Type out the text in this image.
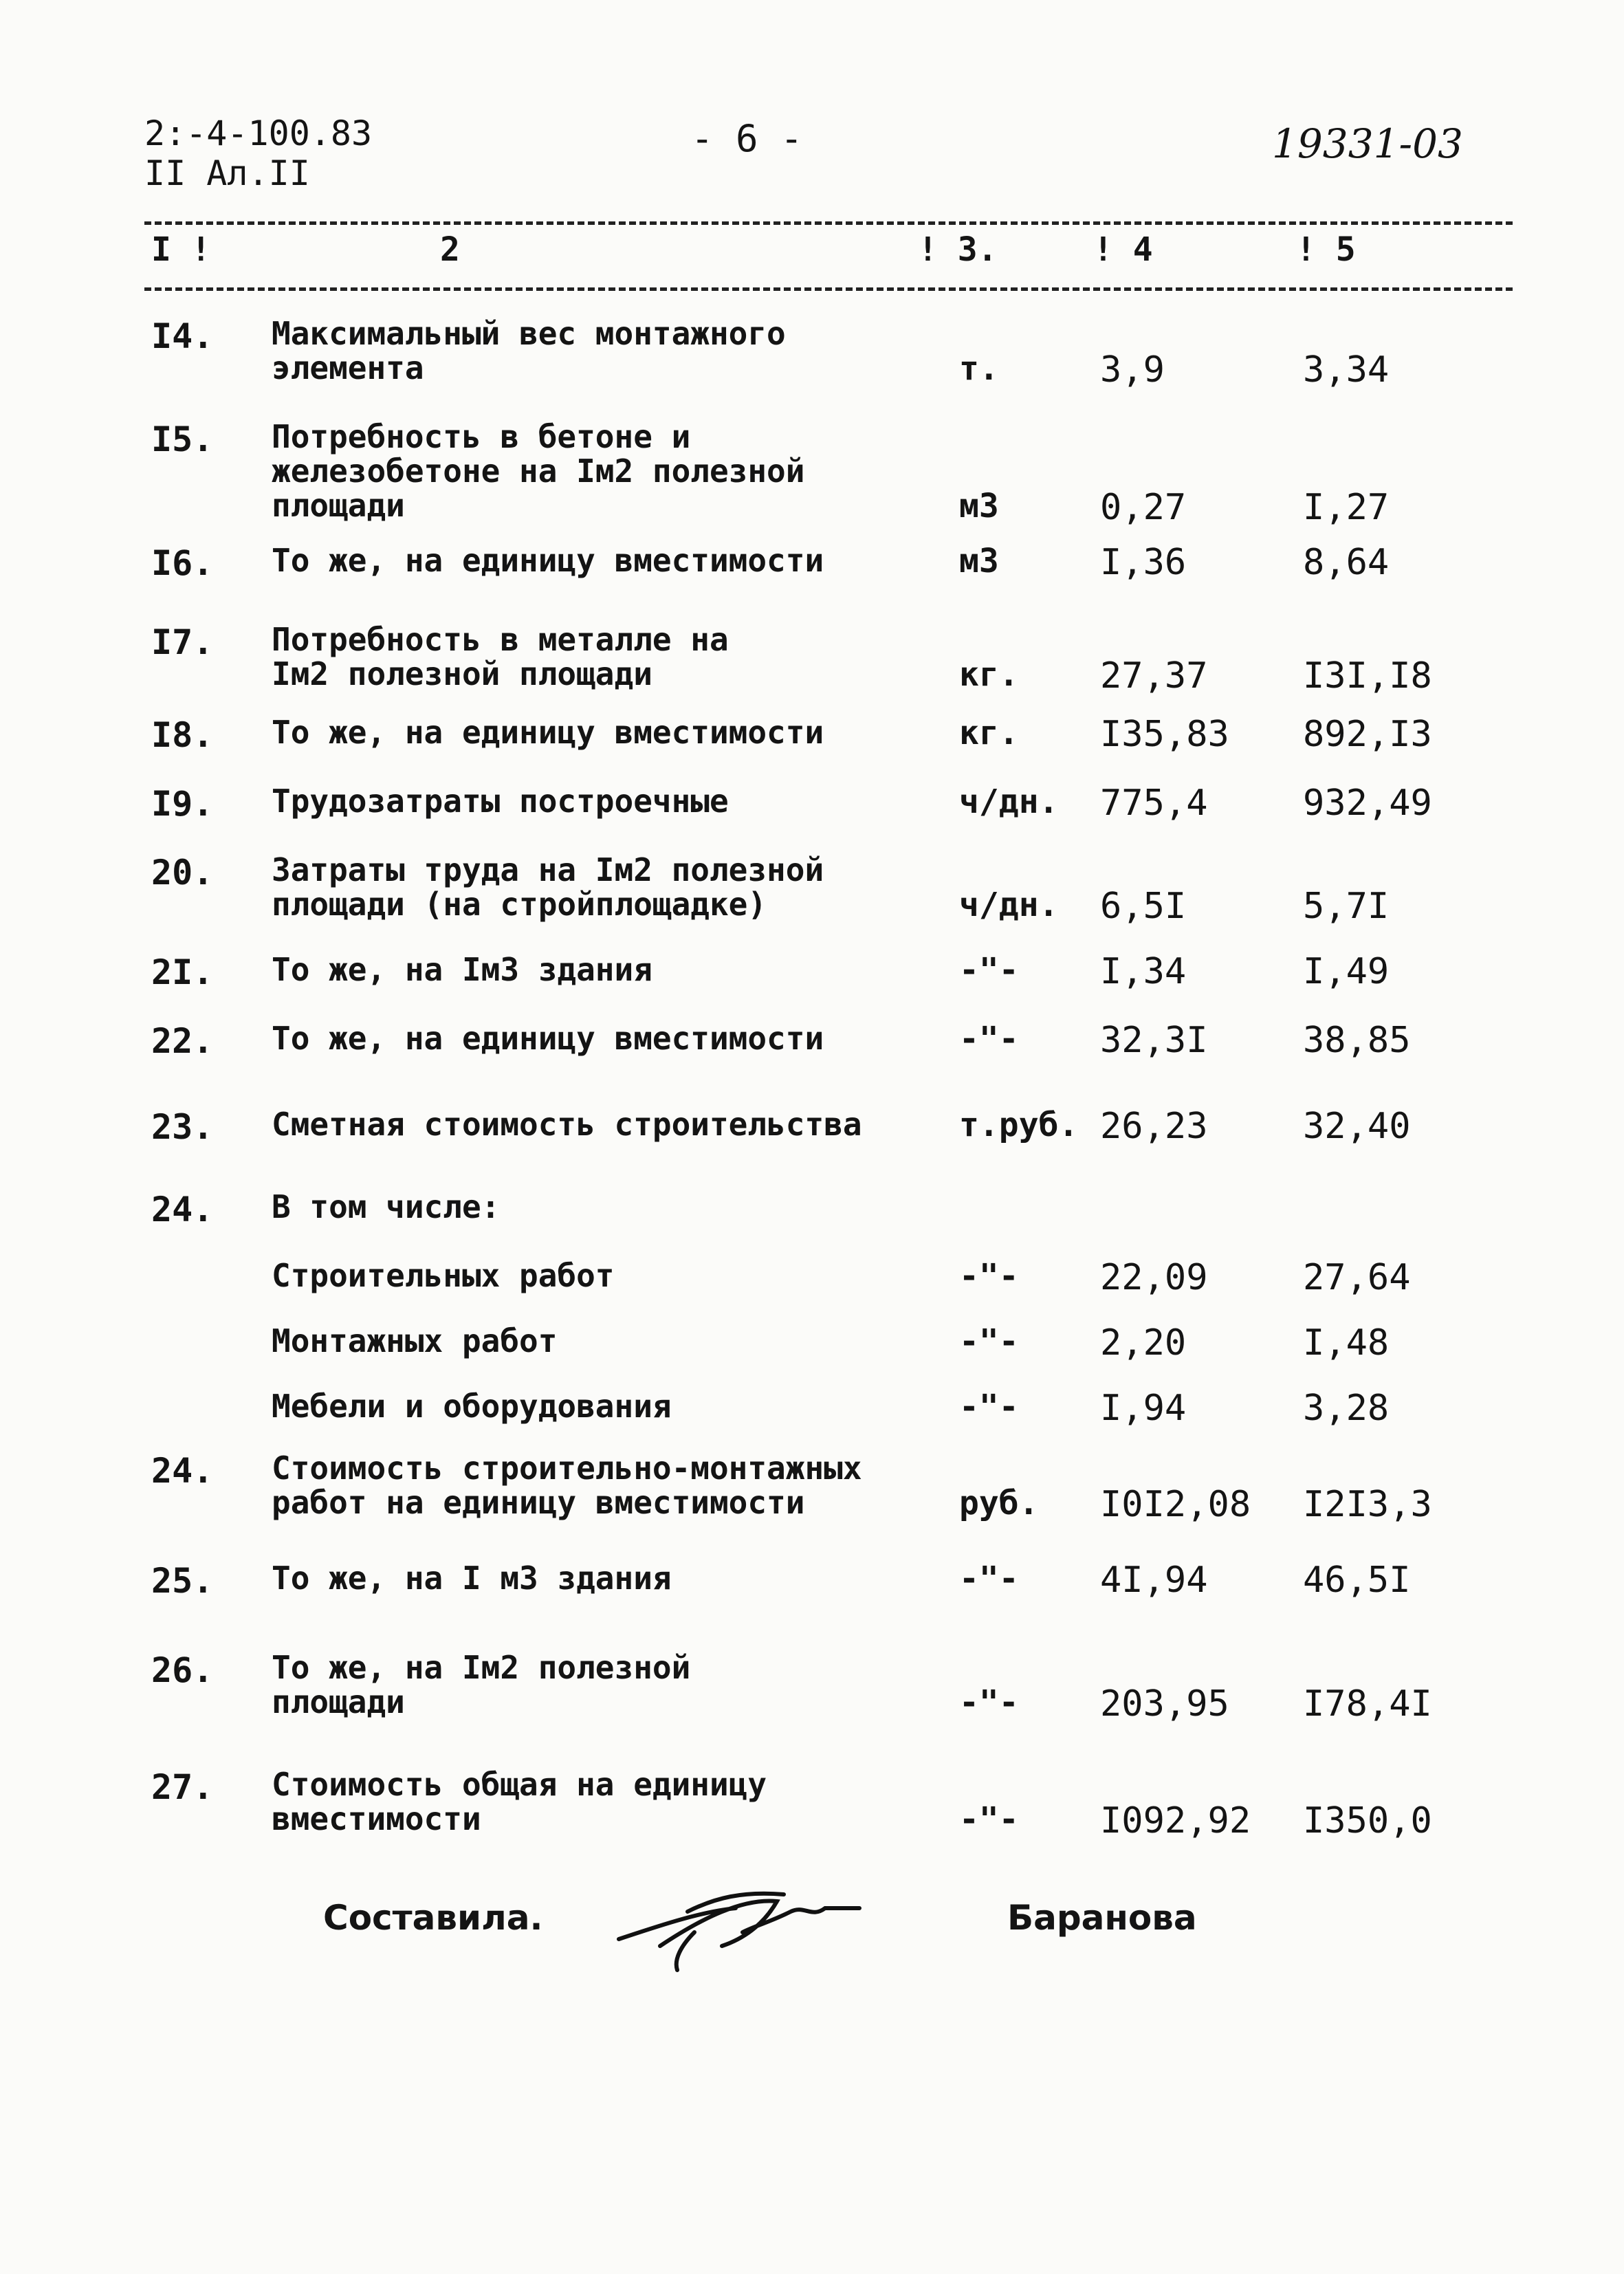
2:-4-100.83
II Ал.II
- 6 -	19331-03
I !	2	! 3.	! 4	! 5
I4. Максимальный вес монтажного
элемента	т.	3,9	3,34
I5. Потребность в бетоне и
железобетоне на Iм2 полезной
площади	м3	0,27	I,27
I6. То же, на единицу вместимости	м3	I,36	8,64
I7. Потребность в металле на
Iм2 полезной площади	кг. 27,37	I3I,I8
I8. То же, на единицу вместимости	кг. I35,83 892,I3
I9. Трудозатраты построечные	ч/дн. 775,4	932,49
20. Затраты труда на Iм2 полезной
площади (на стройплощадке)	ч/дн. 6,5I	5,7I
2I. То же, на Iм3 здания	-"- I,34	I,49
22. То же, на единицу вместимости	-"- 32,3I	38,85
23. Сметная стоимость строительства	т.руб. 26,23	32,40
24. В том числе:
Строительных работ	-"- 22,09	27,64
Монтажных работ	-"- 2,20	I,48
Мебели и оборудования	-"- I,94	3,28
24. Стоимость строительно-монтажных
работ на единицу вместимости	руб. I0I2,08 I2I3,3
25. То же, на I м3 здания	-"- 4I,94	46,5I
26. То же, на Iм2 полезной
площади	-"- 203,95 I78,4I
27. Стоимость общая на единицу
вместимости	-"- I092,92 I350,0
Составила.	Баранова
